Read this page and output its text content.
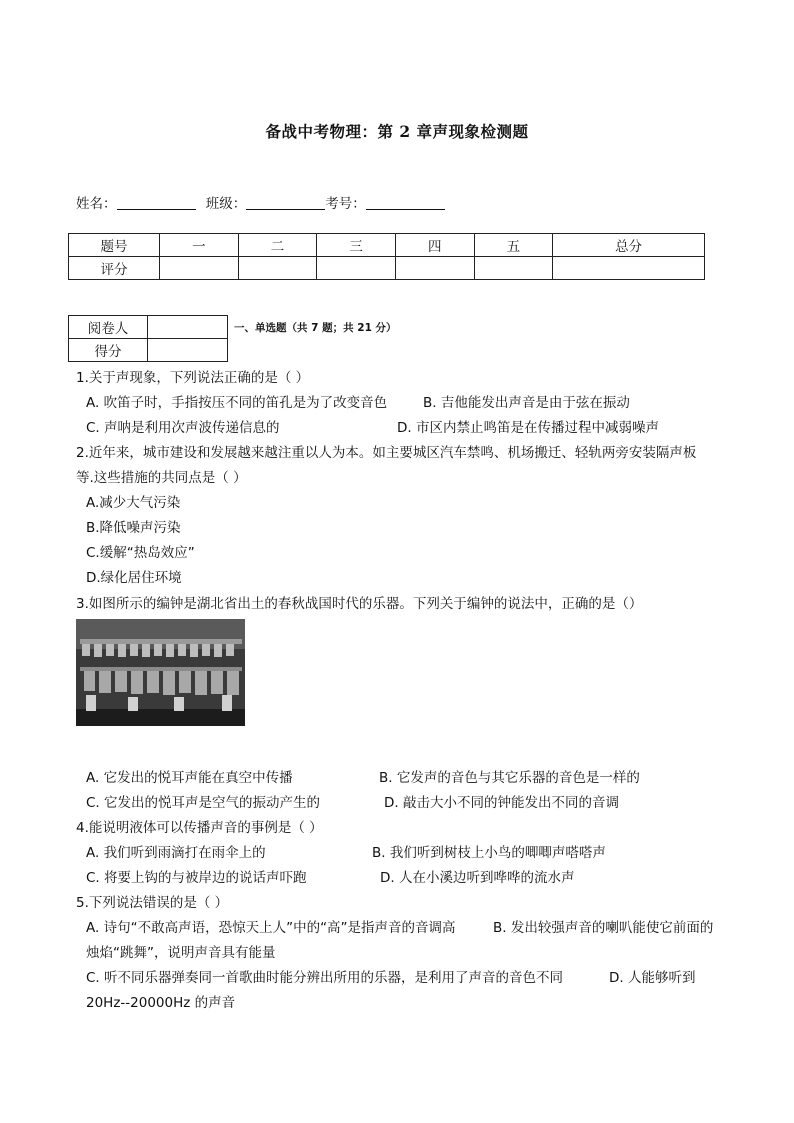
备战中考物理：第 2 章声现象检测题
姓名：	班级：	考号：
题号	一	二	三	四	五	总分
评分						
阅卷人	
得分	
一、单选题（共 7 题；共 21 分）
1.关于声现象，下列说法正确的是（ ）
A. 吹笛子时，手指按压不同的笛孔是为了改变音色	B. 吉他能发出声音是由于弦在振动
C. 声呐是利用次声波传递信息的	D. 市区内禁止鸣笛是在传播过程中减弱噪声
2.近年来，城市建设和发展越来越注重以人为本。如主要城区汽车禁鸣、机场搬迁、轻轨两旁安装隔声板
等.这些措施的共同点是（ ）
A.减少大气污染
B.降低噪声污染
C.缓解“热岛效应”
D.绿化居住环境
3.如图所示的编钟是湖北省出土的春秋战国时代的乐器。下列关于编钟的说法中，正确的是（）
A. 它发出的悦耳声能在真空中传播	B. 它发声的音色与其它乐器的音色是一样的
C. 它发出的悦耳声是空气的振动产生的	D. 敲击大小不同的钟能发出不同的音调
4.能说明液体可以传播声音的事例是（ ）
A. 我们听到雨滴打在雨伞上的	B. 我们听到树枝上小鸟的唧唧声嗒嗒声
C. 将要上钩的与被岸边的说话声吓跑	D. 人在小溪边听到哗哗的流水声
5.下列说法错误的是（ ）
A. 诗句“不敢高声语，恐惊天上人”中的“高”是指声音的音调高	B. 发出较强声音的喇叭能使它前面的
烛焰“跳舞”，说明声音具有能量
C. 听不同乐器弹奏同一首歌曲时能分辨出所用的乐器，是利用了声音的音色不同	D. 人能够听到
20Hz--20000Hz 的声音
